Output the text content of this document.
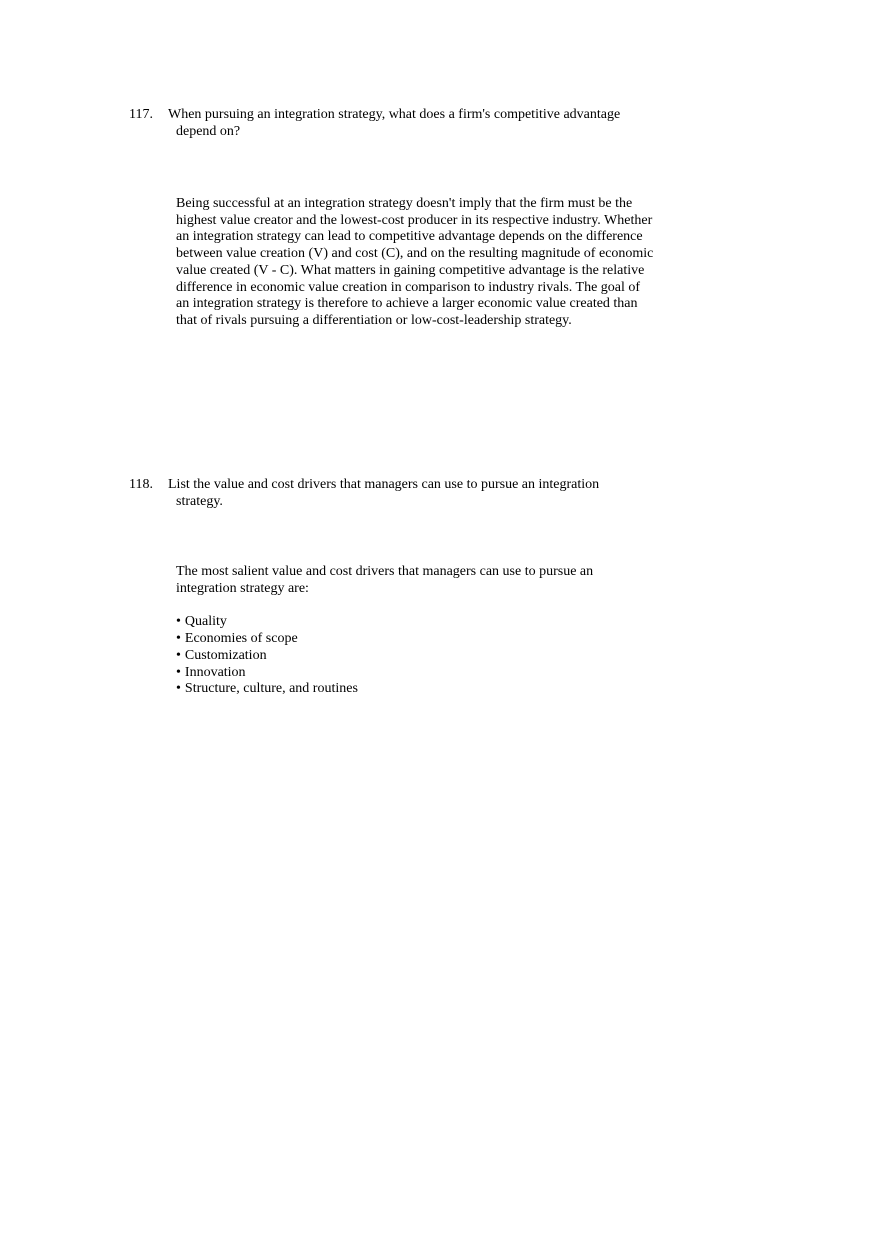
117. When pursuing an integration strategy, what does a firm's competitive advantage
depend on?

Being successful at an integration strategy doesn't imply that the firm must be the highest value creator and the lowest-cost producer in its respective industry. Whether an integration strategy can lead to competitive advantage depends on the difference between value creation (V) and cost (C), and on the resulting magnitude of economic value created (V - C). What matters in gaining competitive advantage is the relative difference in economic value creation in comparison to industry rivals. The goal of an integration strategy is therefore to achieve a larger economic value created than that of rivals pursuing a differentiation or low-cost-leadership strategy.

118. List the value and cost drivers that managers can use to pursue an integration
strategy.

The most salient value and cost drivers that managers can use to pursue an integration strategy are:

• Quality
• Economies of scope
• Customization
• Innovation
• Structure, culture, and routines
